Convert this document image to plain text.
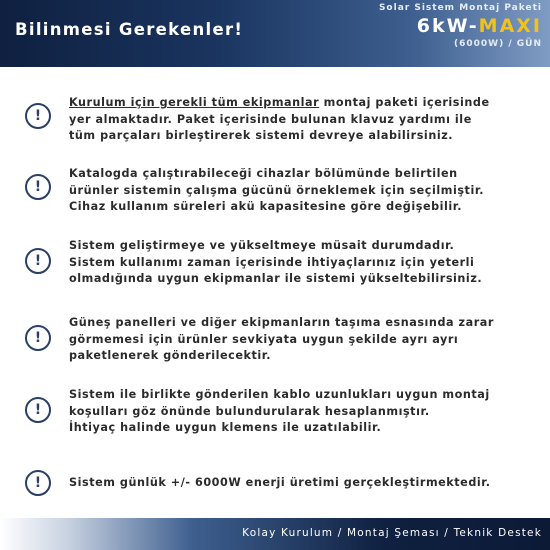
Bilinmesi Gerekenler!
Solar Sistem Montaj Paketi
6kW-MAXI
(6000W) / GÜN
!
Kurulum için gerekli tüm ekipmanlar montaj paketi içerisinde
yer almaktadır. Paket içerisinde bulunan klavuz yardımı ile
tüm parçaları birleştirerek sistemi devreye alabilirsiniz.
!
Katalogda çalıştırabileceği cihazlar bölümünde belirtilen
ürünler sistemin çalışma gücünü örneklemek için seçilmiştir.
Cihaz kullanım süreleri akü kapasitesine göre değişebilir.
!
Sistem geliştirmeye ve yükseltmeye müsait durumdadır.
Sistem kullanımı zaman içerisinde ihtiyaçlarınız için yeterli
olmadığında uygun ekipmanlar ile sistemi yükseltebilirsiniz.
!
Güneş panelleri ve diğer ekipmanların taşıma esnasında zarar
görmemesi için ürünler sevkiyata uygun şekilde ayrı ayrı
paketlenerek gönderilecektir.
!
Sistem ile birlikte gönderilen kablo uzunlukları uygun montaj
koşulları göz önünde bulundurularak hesaplanmıştır.
İhtiyaç halinde uygun klemens ile uzatılabilir.
! Sistem günlük +/- 6000W enerji üretimi gerçekleştirmektedir.
Kolay Kurulum / Montaj Şeması / Teknik Destek
